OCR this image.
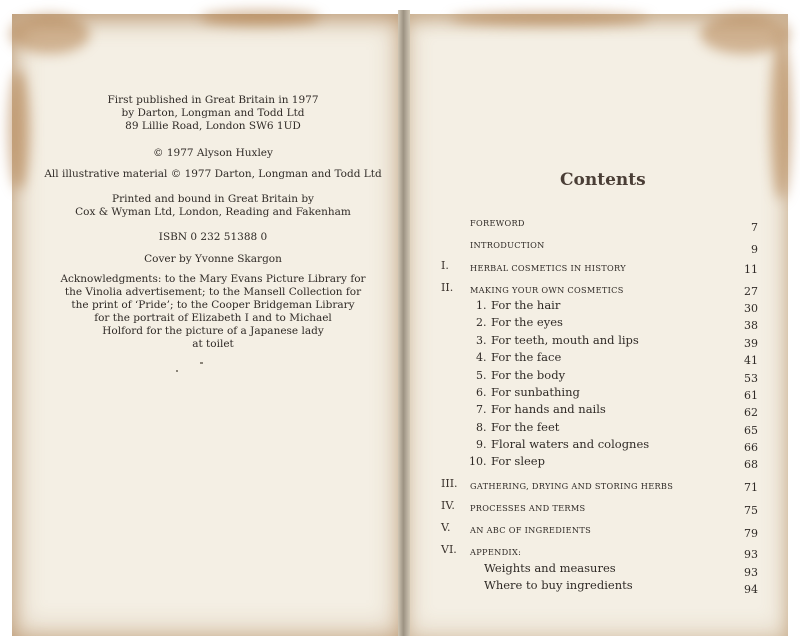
First published in Great Britain in 1977
by Darton, Longman and Todd Ltd
89 Lillie Road, London SW6 1UD
© 1977 Alyson Huxley
All illustrative material © 1977 Darton, Longman and Todd Ltd
Printed and bound in Great Britain by
Cox & Wyman Ltd, London, Reading and Fakenham
ISBN 0 232 51388 0
Cover by Yvonne Skargon
Acknowledgments: to the Mary Evans Picture Library for
the Vinolia advertisement; to the Mansell Collection for
the print of ‘Pride’; to the Cooper Bridgeman Library
for the portrait of Elizabeth I and to Michael
Holford for the picture of a Japanese lady
at toilet
Contents
FOREWORD	7
INTRODUCTION	9
I.	HERBAL COSMETICS IN HISTORY	11
II. MAKING YOUR OWN COSMETICS	27
1. For the hair	30
2. For the eyes	38
3. For teeth, mouth and lips	39
4. For the face	41
5. For the body	53
6. For sunbathing	61
7. For hands and nails	62
8. For the feet	65
9. Floral waters and colognes	66
10. For sleep	68
III. GATHERING, DRYING AND STORING HERBS	71
IV. PROCESSES AND TERMS	75
V. AN ABC OF INGREDIENTS	79
VI. APPENDIX:	93
Weights and measures	93
Where to buy ingredients	94
